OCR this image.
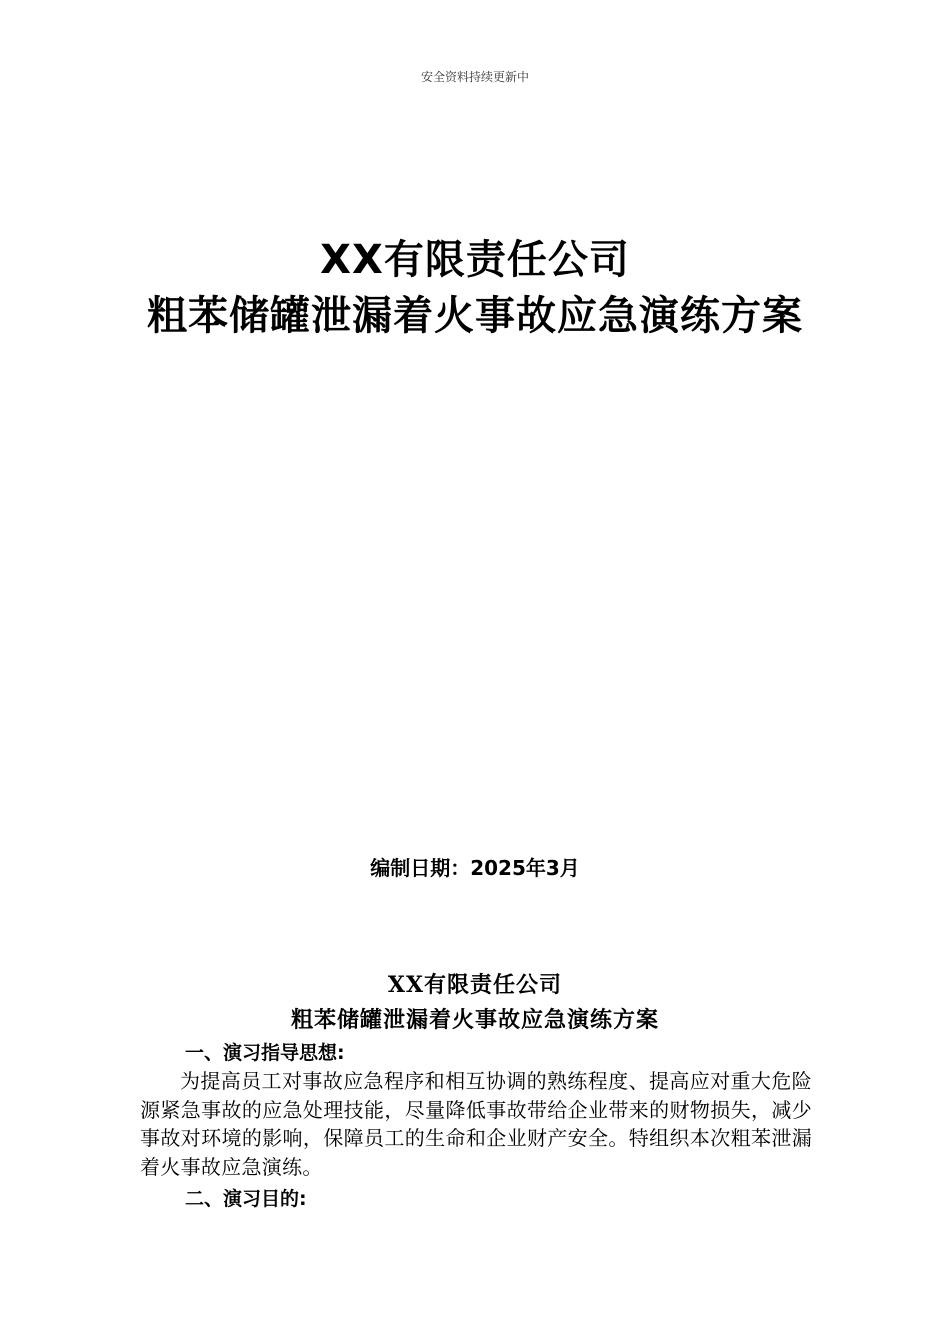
安全资料持续更新中
XX有限责任公司
粗苯储罐泄漏着火事故应急演练方案
编制日期：2025年3月
XX有限责任公司
粗苯储罐泄漏着火事故应急演练方案
一、演习指导思想:
为提高员工对事故应急程序和相互协调的熟练程度、提高应对重大危险源紧急事故的应急处理技能，尽量降低事故带给企业带来的财物损失，减少事故对环境的影响，保障员工的生命和企业财产安全。特组织本次粗苯泄漏着火事故应急演练。
二、演习目的:
